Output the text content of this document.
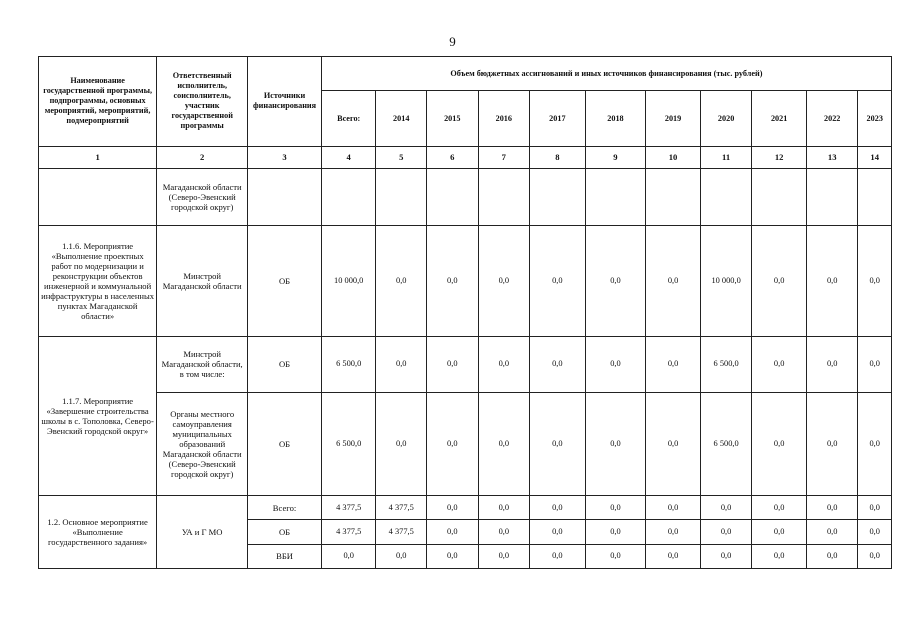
9
Наименование государственной программы, подпрограммы, основных мероприятий, мероприятий, подмероприятий	Ответственный исполнитель, соисполнитель, участник государственной программы	Источники финансирования	Объем бюджетных ассигнований и иных источников финансирования (тыс. рублей)										
			Всего:	2014	2015	2016	2017	2018	2019	2020	2021	2022	2023
1	2	3	4	5	6	7	8	9	10	11	12	13	14
	Магаданской области (Северо-Эвенский городской округ)												
1.1.6. Мероприятие «Выполнение проектных работ по модернизации и реконструкции объектов инженерной и коммунальной инфраструктуры в населенных пунктах Магаданской области»	Минстрой Магаданской области	ОБ	10 000,0	0,0	0,0	0,0	0,0	0,0	0,0	10 000,0	0,0	0,0	0,0
1.1.7. Мероприятие «Завершение строительства школы в с. Тополовка, Северо-Эвенский городской округ»	Минстрой Магаданской области, в том числе:	ОБ	6 500,0	0,0	0,0	0,0	0,0	0,0	0,0	6 500,0	0,0	0,0	0,0
	Органы местного самоуправления муниципальных образований Магаданской области (Северо-Эвенский городской округ)	ОБ	6 500,0	0,0	0,0	0,0	0,0	0,0	0,0	6 500,0	0,0	0,0	0,0
1.2. Основное мероприятие «Выполнение государственного задания»	УА и Г МО	Всего:	4 377,5	4 377,5	0,0	0,0	0,0	0,0	0,0	0,0	0,0	0,0	0,0
		ОБ	4 377,5	4 377,5	0,0	0,0	0,0	0,0	0,0	0,0	0,0	0,0	0,0
		ВБИ	0,0	0,0	0,0	0,0	0,0	0,0	0,0	0,0	0,0	0,0	0,0
